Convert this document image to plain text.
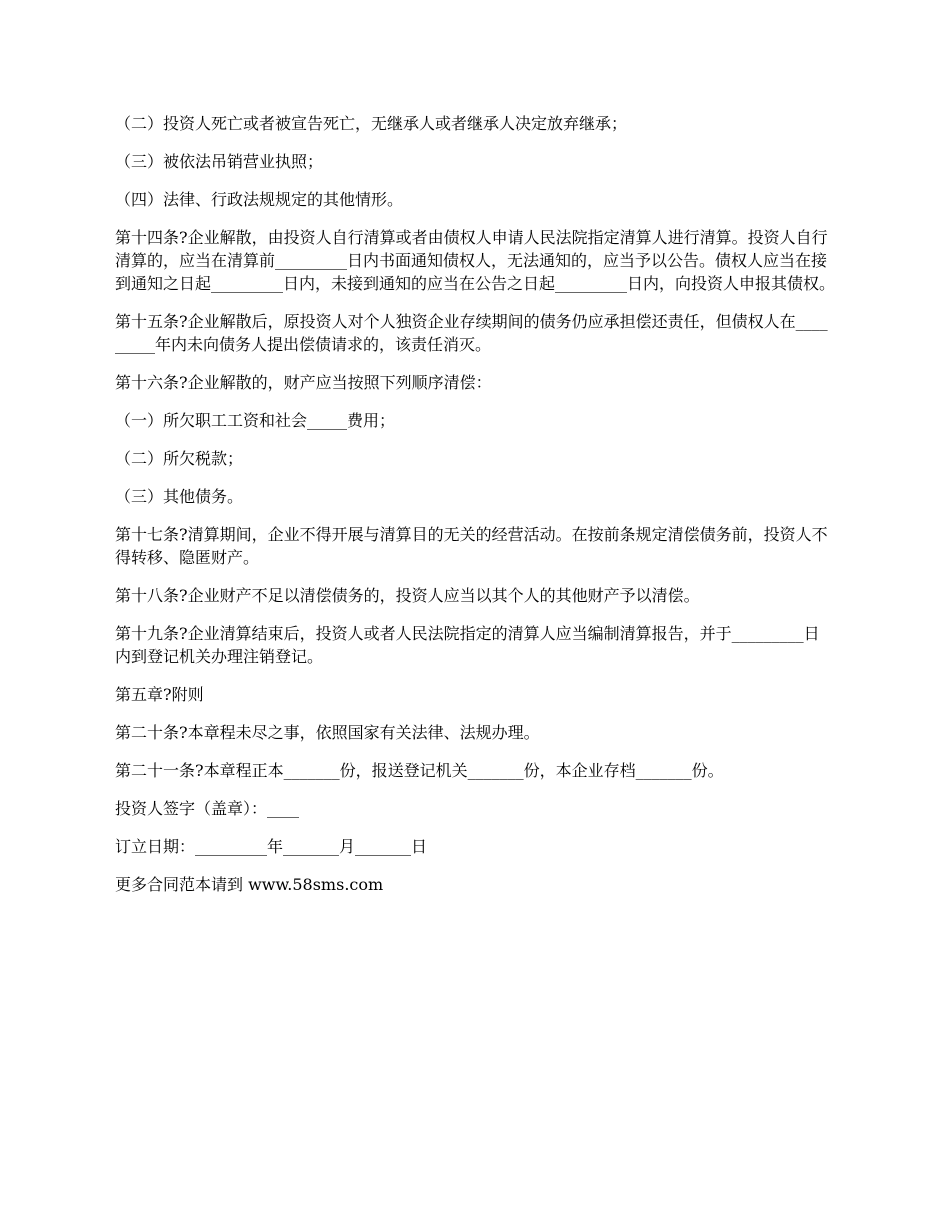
（二）投资人死亡或者被宣告死亡，无继承人或者继承人决定放弃继承；

（三）被依法吊销营业执照；

（四）法律、行政法规规定的其他情形。

第十四条?企业解散，由投资人自行清算或者由债权人申请人民法院指定清算人进行清算。投资人自行清算的，应当在清算前_________日内书面通知债权人，无法通知的，应当予以公告。债权人应当在接到通知之日起_________日内，未接到通知的应当在公告之日起_________日内，向投资人申报其债权。

第十五条?企业解散后，原投资人对个人独资企业存续期间的债务仍应承担偿还责任，但债权人在_________年内未向债务人提出偿债请求的，该责任消灭。

第十六条?企业解散的，财产应当按照下列顺序清偿：

（一）所欠职工工资和社会_____费用；

（二）所欠税款；

（三）其他债务。

第十七条?清算期间，企业不得开展与清算目的无关的经营活动。在按前条规定清偿债务前，投资人不得转移、隐匿财产。

第十八条?企业财产不足以清偿债务的，投资人应当以其个人的其他财产予以清偿。

第十九条?企业清算结束后，投资人或者人民法院指定的清算人应当编制清算报告，并于_________日内到登记机关办理注销登记。

第五章?附则

第二十条?本章程未尽之事，依照国家有关法律、法规办理。

第二十一条?本章程正本_______份，报送登记机关_______份，本企业存档_______份。

投资人签字（盖章）：____

订立日期：_________年_______月_______日

更多合同范本请到 www.58sms.com
